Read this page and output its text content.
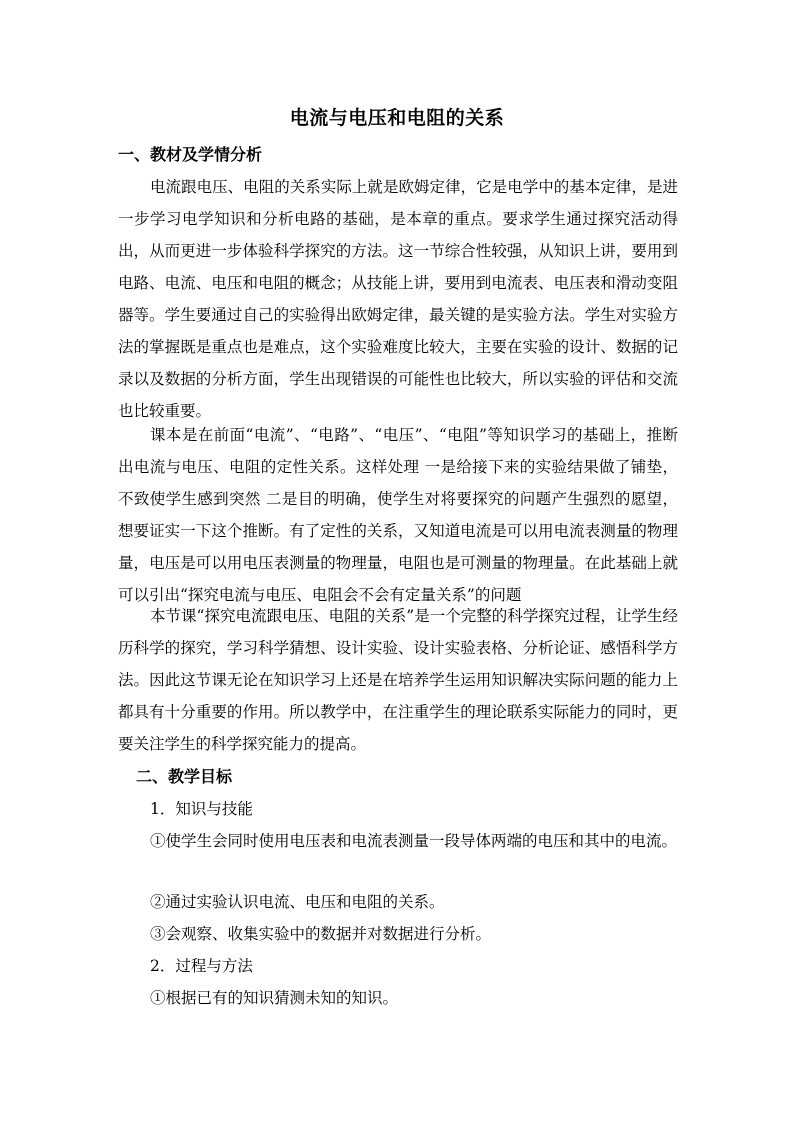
电流与电压和电阻的关系
一、教材及学情分析

电流跟电压、电阻的关系实际上就是欧姆定律，它是电学中的基本定律，是进一步学习电学知识和分析电路的基础，是本章的重点。要求学生通过探究活动得出，从而更进一步体验科学探究的方法。这一节综合性较强，从知识上讲，要用到电路、电流、电压和电阻的概念；从技能上讲，要用到电流表、电压表和滑动变阻器等。学生要通过自己的实验得出欧姆定律，最关键的是实验方法。学生对实验方法的掌握既是重点也是难点，这个实验难度比较大，主要在实验的设计、数据的记录以及数据的分析方面，学生出现错误的可能性也比较大，所以实验的评估和交流也比较重要。

课本是在前面“电流”、“电路”、“电压”、“电阻”等知识学习的基础上，推断出电流与电压、电阻的定性关系。这样处理 一是给接下来的实验结果做了铺垫，不致使学生感到突然 二是目的明确，使学生对将要探究的问题产生强烈的愿望，想要证实一下这个推断。有了定性的关系，又知道电流是可以用电流表测量的物理量，电压是可以用电压表测量的物理量，电阻也是可测量的物理量。在此基础上就可以引出“探究电流与电压、电阻会不会有定量关系”的问题

本节课“探究电流跟电压、电阻的关系”是一个完整的科学探究过程，让学生经历科学的探究，学习科学猜想、设计实验、设计实验表格、分析论证、感悟科学方法。因此这节课无论在知识学习上还是在培养学生运用知识解决实际问题的能力上都具有十分重要的作用。所以教学中，在注重学生的理论联系实际能力的同时，更要关注学生的科学探究能力的提高。

二、教学目标

1．知识与技能

①使学生会同时使用电压表和电流表测量一段导体两端的电压和其中的电流。

②通过实验认识电流、电压和电阻的关系。

③会观察、收集实验中的数据并对数据进行分析。

2．过程与方法

①根据已有的知识猜测未知的知识。
